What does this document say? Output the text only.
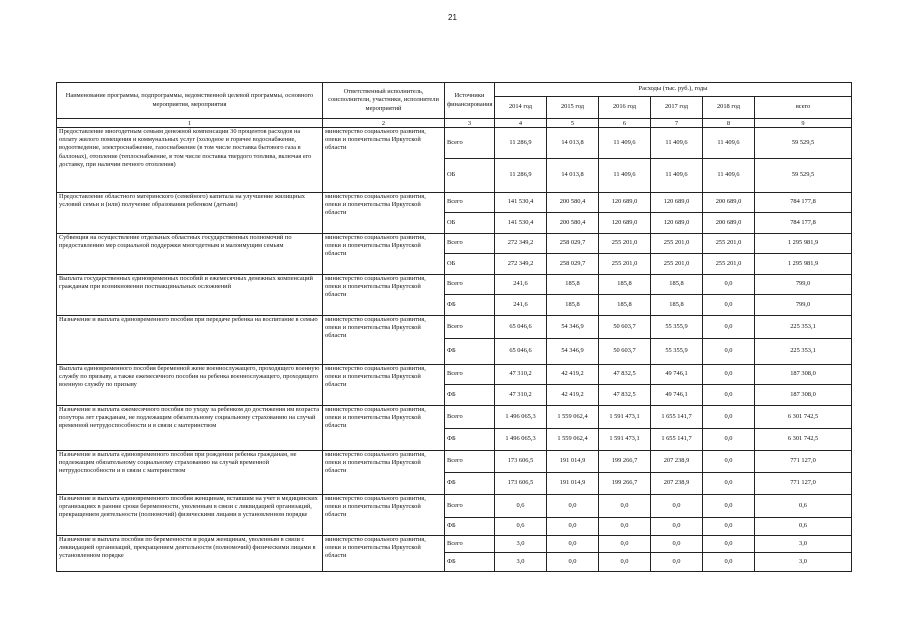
21
Наименование программы, подпрограммы, ведомственной целевой программы, основного мероприятия, мероприятия	Ответственный исполнитель, соисполнители, участники, исполнители мероприятий	Источники финансирования	Расходы (тыс. руб.), годы					
			2014 год	2015 год	2016 год	2017 год	2018 год	всего
1	2	3	4	5	6	7	8	9
Предоставление многодетным семьям денежной компенсации 30 процентов расходов на оплату жилого помещения и коммунальных услуг (холодное и горячее водоснабжение, водоотведение, электроснабжение, газоснабжение (в том числе поставка бытового газа в баллонах), отопление (теплоснабжение, в том числе поставка твердого топлива, включая его доставку, при наличии печного отопления)	министерство социального развития, опеки и попечительства Иркутской области	Всего	11 286,9	14 013,8	11 409,6	11 409,6	11 409,6	59 529,5
		ОБ	11 286,9	14 013,8	11 409,6	11 409,6	11 409,6	59 529,5
Предоставление областного материнского (семейного) капитала на улучшение жилищных условий семьи и (или) получение образования ребенком (детьми)	министерство социального развития, опеки и попечительства Иркутской области	Всего	141 530,4	200 580,4	120 689,0	120 689,0	200 689,0	784 177,8
		ОБ	141 530,4	200 580,4	120 689,0	120 689,0	200 689,0	784 177,8
Субвенция на осуществление отдельных областных государственных полномочий по предоставлению мер социальной поддержки многодетным и малоимущим семьям	министерство социального развития, опеки и попечительства Иркутской области	Всего	272 349,2	258 029,7	255 201,0	255 201,0	255 201,0	1 295 981,9
		ОБ	272 349,2	258 029,7	255 201,0	255 201,0	255 201,0	1 295 981,9
Выплата государственных единовременных пособий и ежемесячных денежных компенсаций гражданам при возникновении поствакцинальных осложнений	министерство социального развития, опеки и попечительства Иркутской области	Всего	241,6	185,8	185,8	185,8	0,0	799,0
		ФБ	241,6	185,8	185,8	185,8	0,0	799,0
Назначение и выплата единовременного пособия при передаче ребенка на воспитание в семью	министерство социального развития, опеки и попечительства Иркутской области	Всего	65 046,6	54 346,9	50 603,7	55 355,9	0,0	225 353,1
		ФБ	65 046,6	54 346,9	50 603,7	55 355,9	0,0	225 353,1
Выплата единовременного пособия беременной жене военнослужащего, проходящего военную службу по призыву, а также ежемесячного пособия на ребенка военнослужащего, проходящего военную службу по призыву	министерство социального развития, опеки и попечительства Иркутской области	Всего	47 310,2	42 419,2	47 832,5	49 746,1	0,0	187 308,0
		ФБ	47 310,2	42 419,2	47 832,5	49 746,1	0,0	187 308,0
Назначение и выплата ежемесячного пособия по уходу за ребенком до достижения им возраста полутора лет гражданам, не подлежащим обязательному социальному страхованию на случай временной нетрудоспособности и в связи с материнством	министерство социального развития, опеки и попечительства Иркутской области	Всего	1 496 065,3	1 559 062,4	1 591 473,1	1 655 141,7	0,0	6 301 742,5
		ФБ	1 496 065,3	1 559 062,4	1 591 473,1	1 655 141,7	0,0	6 301 742,5
Назначение и выплата единовременного пособия при рождении ребенка гражданам, не подлежащим обязательному социальному страхованию на случай временной нетрудоспособности и в связи с материнством	министерство социального развития, опеки и попечительства Иркутской области	Всего	173 606,5	191 014,9	199 266,7	207 238,9	0,0	771 127,0
		ФБ	173 606,5	191 014,9	199 266,7	207 238,9	0,0	771 127,0
Назначение и выплата единовременного пособия женщинам, вставшим на учет в медицинских организациях в ранние сроки беременности, уволенным в связи с ликвидацией организаций, прекращением деятельности (полномочий) физическими лицами в установленном порядке	министерство социального развития, опеки и попечительства Иркутской области	Всего	0,6	0,0	0,0	0,0	0,0	0,6
		ФБ	0,6	0,0	0,0	0,0	0,0	0,6
Назначение и выплата пособия по беременности и родам женщинам, уволенным в связи с ликвидацией организаций, прекращением деятельности (полномочий) физическими лицами в установленном порядке	министерство социального развития, опеки и попечительства Иркутской области	Всего	3,0	0,0	0,0	0,0	0,0	3,0
		ФБ	3,0	0,0	0,0	0,0	0,0	3,0
